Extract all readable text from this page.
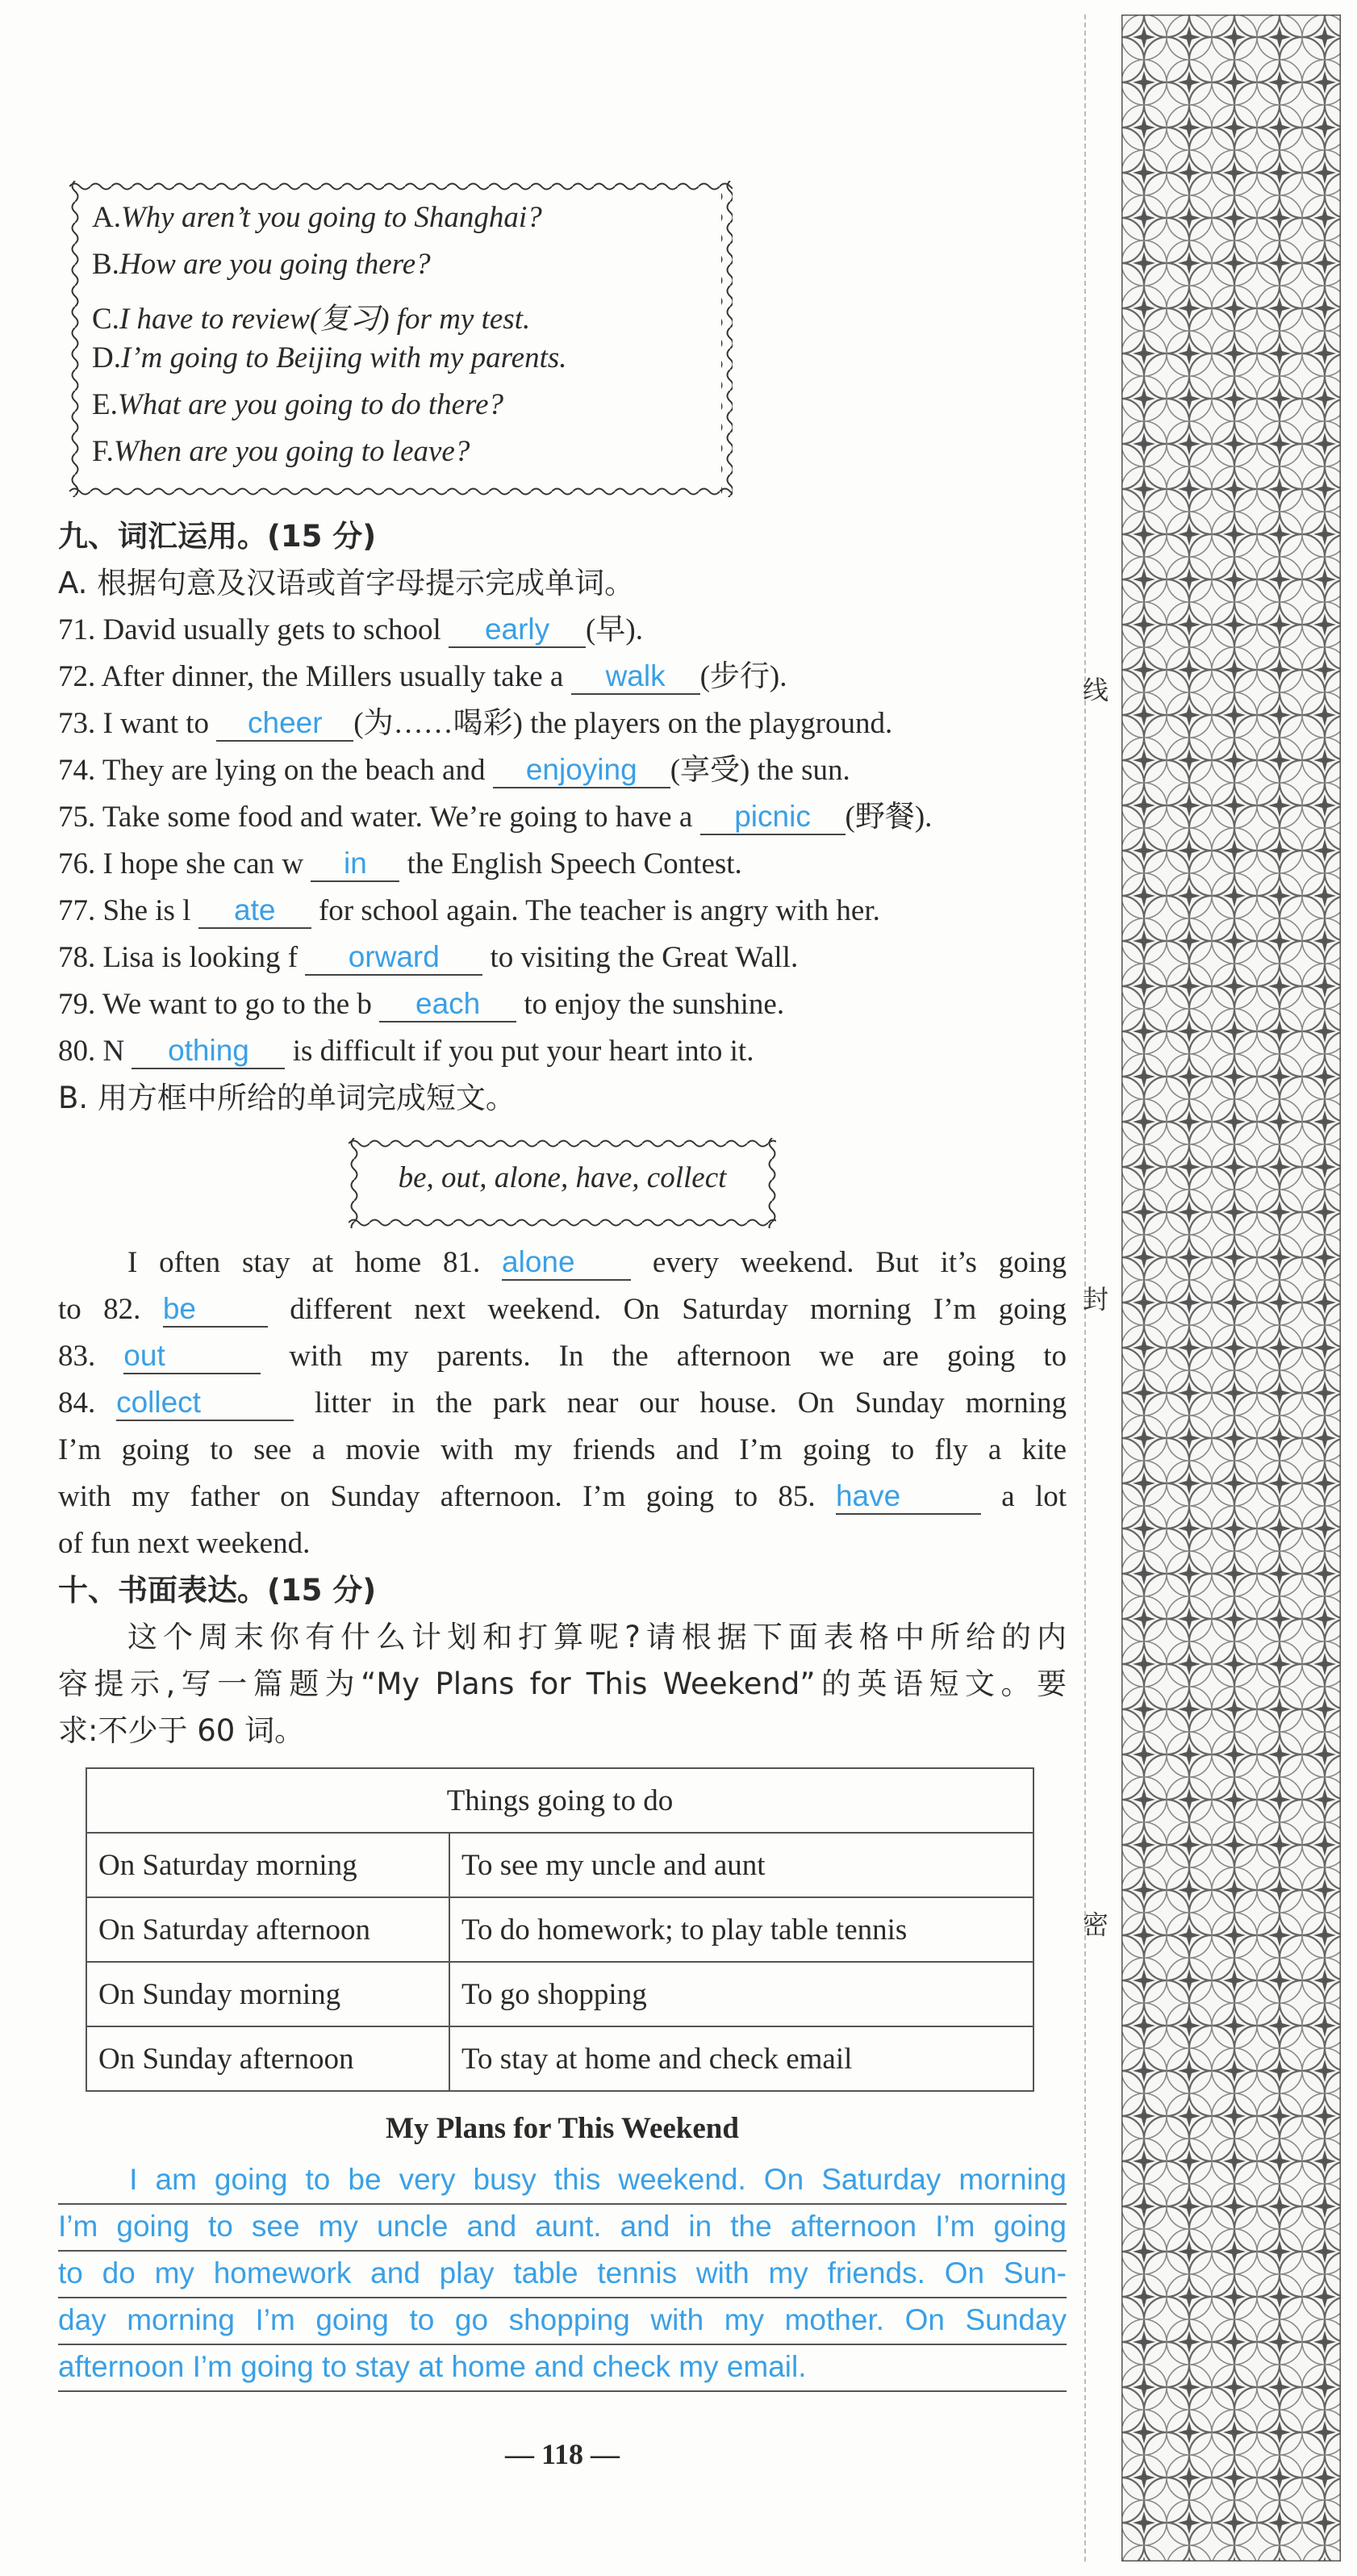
A.Why aren’t you going to Shanghai?
B.How are you going there?
C.I have to review(复习) for my test.
D.I’m going to Beijing with my parents.
E.What are you going to do there?
F.When are you going to leave?
九、词汇运用。(15 分)
A. 根据句意及汉语或首字母提示完成单词。
71. David usually gets to school early (早).
72. After dinner, the Millers usually take a walk (步行).
73. I want to cheer (为……喝彩) the players on the playground.
74. They are lying on the beach and enjoying (享受) the sun.
75. Take some food and water. We’re going to have a picnic (野餐).
76. I hope she can w in the English Speech Contest.
77. She is l ate for school again. The teacher is angry with her.
78. Lisa is looking f orward to visiting the Great Wall.
79. We want to go to the b each to enjoy the sunshine.
80. N othing is difficult if you put your heart into it.
B. 用方框中所给的单词完成短文。
be, out, alone, have, collect
I often stay at home 81. alone every weekend. But it’s going
to 82. be different next weekend. On Saturday morning I’m going
83. out	with my parents. In the afternoon we are going to
84. collect	litter in the park near our house. On Sunday morning
I’m going to see a movie with my friends and I’m going to fly a kite
with my father on Sunday afternoon. I’m going to 85. have	a lot
of fun next weekend.
十、书面表达。(15 分)
这个周末你有什么计划和打算呢?请根据下面表格中所给的内
容提示,写一篇题为“My Plans for This Weekend”的英语短文。要
求:不少于 60 词。
Things going to do	
On Saturday morning	To see my uncle and aunt
On Saturday afternoon	To do homework; to play table tennis
On Sunday morning	To go shopping
On Sunday afternoon	To stay at home and check email
My Plans for This Weekend
I am going to be very busy this weekend. On Saturday morning
I’m going to see my uncle and aunt. and in the afternoon I’m going
to do my homework and play table tennis with my friends. On Sun-
day morning I’m going to go shopping with my mother. On Sunday
afternoon I’m going to stay at home and check my email.
— 118 —
线
封
密
